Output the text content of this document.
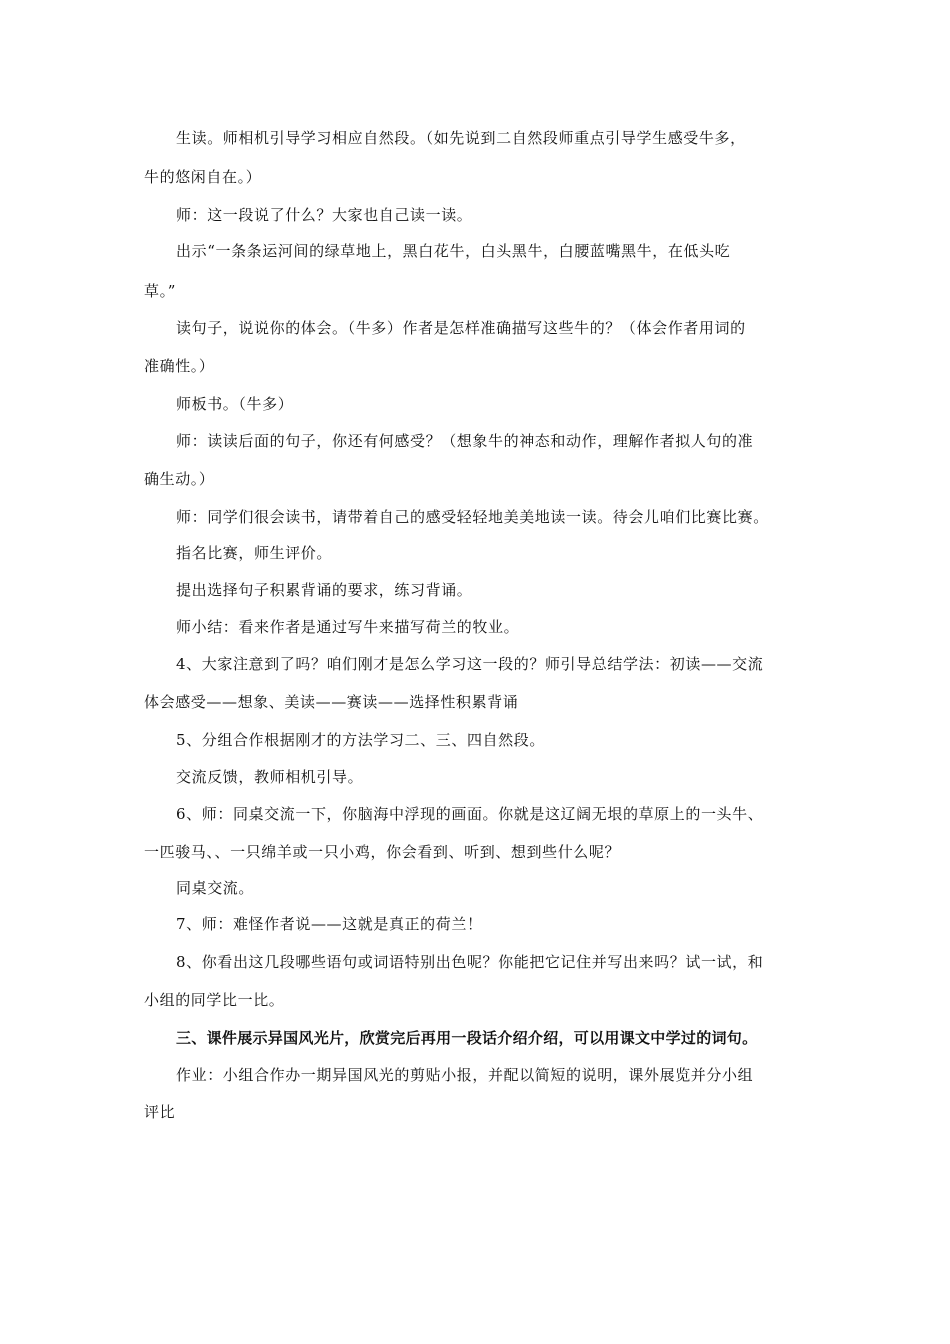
生读。师相机引导学习相应自然段。（如先说到二自然段师重点引导学生感受牛多，
牛的悠闲自在。）
师：这一段说了什么？大家也自己读一读。
出示“一条条运河间的绿草地上，黑白花牛，白头黑牛，白腰蓝嘴黑牛，在低头吃
草。”
读句子，说说你的体会。（牛多）作者是怎样准确描写这些牛的？（体会作者用词的
准确性。）
师板书。（牛多）
师：读读后面的句子，你还有何感受？（想象牛的神态和动作，理解作者拟人句的准
确生动。）
师：同学们很会读书，请带着自己的感受轻轻地美美地读一读。待会儿咱们比赛比赛。
指名比赛，师生评价。
提出选择句子积累背诵的要求，练习背诵。
师小结：看来作者是通过写牛来描写荷兰的牧业。
4、大家注意到了吗？咱们刚才是怎么学习这一段的？师引导总结学法：初读——交流
体会感受——想象、美读——赛读——选择性积累背诵
5、分组合作根据刚才的方法学习二、三、四自然段。
交流反馈，教师相机引导。
6、师：同桌交流一下，你脑海中浮现的画面。你就是这辽阔无垠的草原上的一头牛、
一匹骏马、、一只绵羊或一只小鸡，你会看到、听到、想到些什么呢？
同桌交流。
7、师：难怪作者说——这就是真正的荷兰！
8、你看出这几段哪些语句或词语特别出色呢？你能把它记住并写出来吗？试一试，和
小组的同学比一比。
三、课件展示异国风光片，欣赏完后再用一段话介绍介绍，可以用课文中学过的词句。
作业：小组合作办一期异国风光的剪贴小报，并配以简短的说明，课外展览并分小组
评比
